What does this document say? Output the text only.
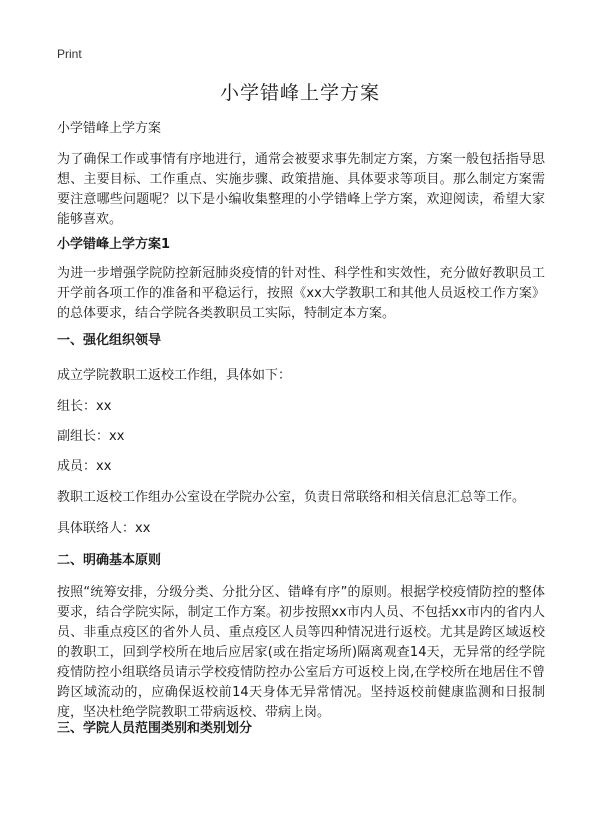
Print
小学错峰上学方案

小学错峰上学方案

为了确保工作或事情有序地进行，通常会被要求事先制定方案，方案一般包括指导思想、主要目标、工作重点、实施步骤、政策措施、具体要求等项目。那么制定方案需要注意哪些问题呢？以下是小编收集整理的小学错峰上学方案，欢迎阅读，希望大家能够喜欢。

小学错峰上学方案1

为进一步增强学院防控新冠肺炎疫情的针对性、科学性和实效性，充分做好教职员工开学前各项工作的准备和平稳运行，按照《xx大学教职工和其他人员返校工作方案》的总体要求，结合学院各类教职员工实际，特制定本方案。

一、强化组织领导

成立学院教职工返校工作组，具体如下：

组长：xx

副组长：xx

成员：xx

教职工返校工作组办公室设在学院办公室，负责日常联络和相关信息汇总等工作。

具体联络人：xx

二、明确基本原则

按照“统筹安排，分级分类、分批分区、错峰有序”的原则。根据学校疫情防控的整体要求，结合学院实际，制定工作方案。初步按照xx市内人员、不包括xx市内的省内人员、非重点疫区的省外人员、重点疫区人员等四种情况进行返校。尤其是跨区域返校的教职工，回到学校所在地后应居家(或在指定场所)隔离观查14天，无异常的经学院疫情防控小组联络员请示学校疫情防控办公室后方可返校上岗,在学校所在地居住不曾跨区域流动的，应确保返校前14天身体无异常情况。坚持返校前健康监测和日报制度，坚决杜绝学院教职工带病返校、带病上岗。

三、学院人员范围类别和类别划分
